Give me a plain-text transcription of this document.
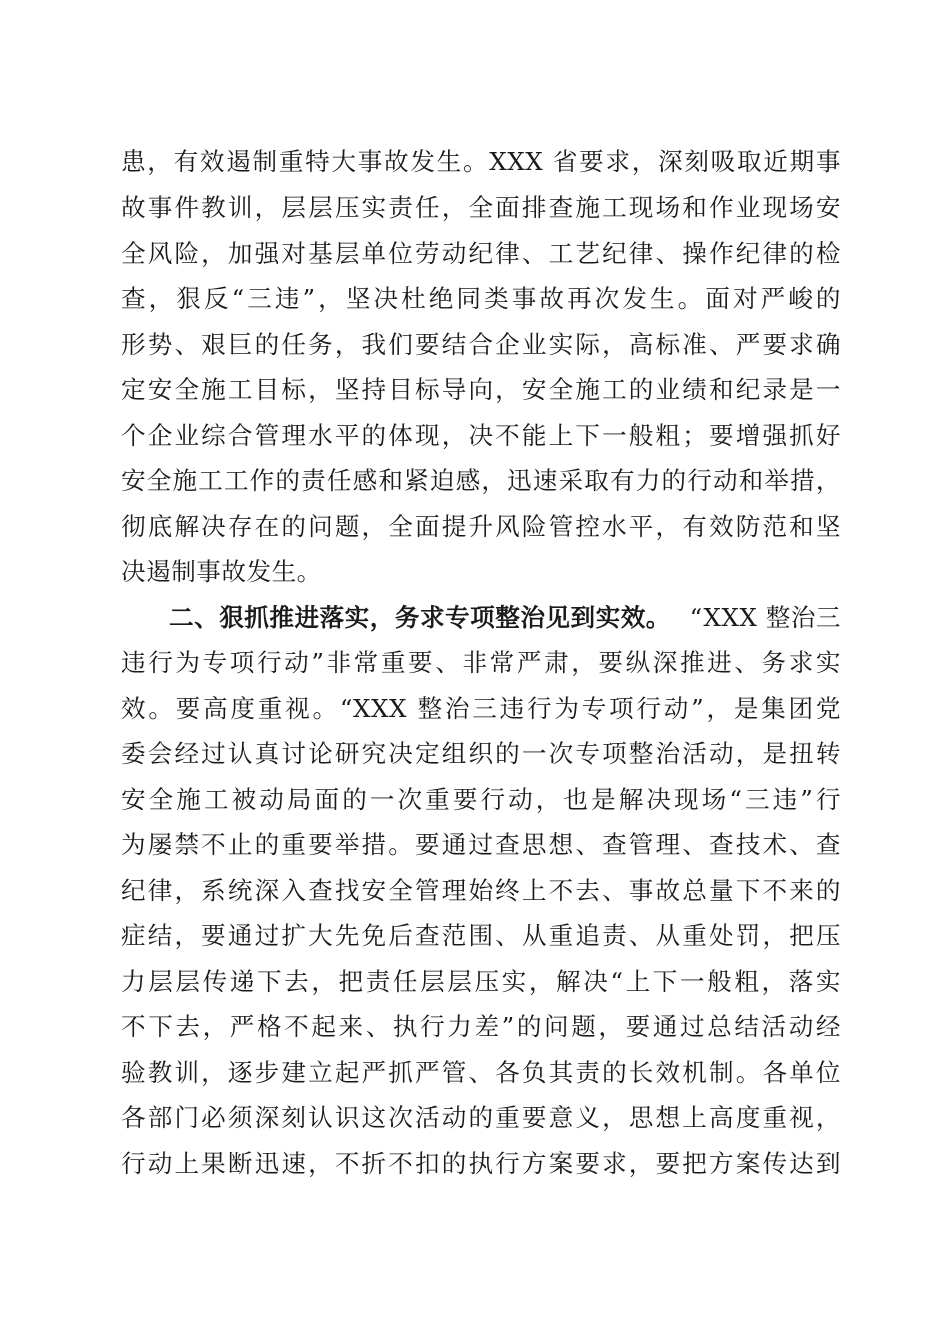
患，有效遏制重特大事故发生。XXX 省要求，深刻吸取近期事
故事件教训，层层压实责任，全面排查施工现场和作业现场安
全风险，加强对基层单位劳动纪律、工艺纪律、操作纪律的检
查，狠反“三违”，坚决杜绝同类事故再次发生。面对严峻的
形势、艰巨的任务，我们要结合企业实际，高标准、严要求确
定安全施工目标，坚持目标导向，安全施工的业绩和纪录是一
个企业综合管理水平的体现，决不能上下一般粗；要增强抓好
安全施工工作的责任感和紧迫感，迅速采取有力的行动和举措，
彻底解决存在的问题，全面提升风险管控水平，有效防范和坚
决遏制事故发生。
二、狠抓推进落实，务求专项整治见到实效。 “XXX 整治三
违行为专项行动”非常重要、非常严肃，要纵深推进、务求实
效。要高度重视。“XXX 整治三违行为专项行动”，是集团党
委会经过认真讨论研究决定组织的一次专项整治活动，是扭转
安全施工被动局面的一次重要行动，也是解决现场“三违”行
为屡禁不止的重要举措。要通过查思想、查管理、查技术、查
纪律，系统深入查找安全管理始终上不去、事故总量下不来的
症结，要通过扩大先免后查范围、从重追责、从重处罚，把压
力层层传递下去，把责任层层压实，解决“上下一般粗，落实
不下去，严格不起来、执行力差”的问题，要通过总结活动经
验教训，逐步建立起严抓严管、各负其责的长效机制。各单位
各部门必须深刻认识这次活动的重要意义，思想上高度重视，
行动上果断迅速，不折不扣的执行方案要求，要把方案传达到
